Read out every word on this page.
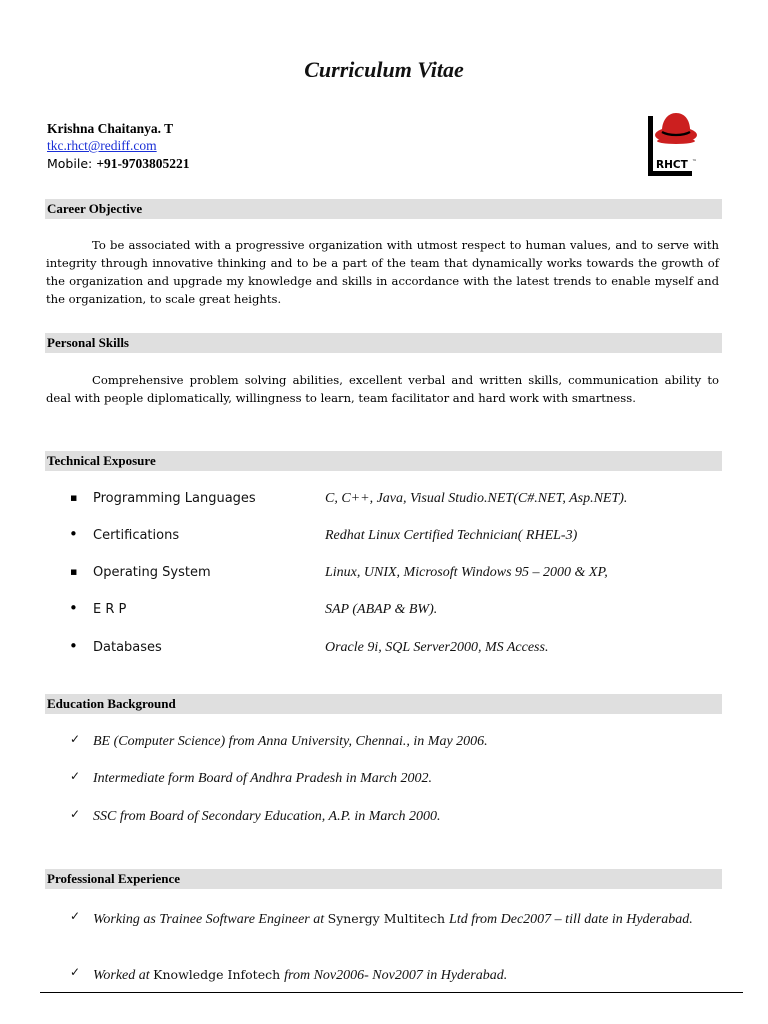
Curriculum Vitae
Krishna Chaitanya. T
tkc.rhct@rediff.com
Mobile: +91-9703805221	RHCT ™
Career Objective

To be associated with a progressive organization with utmost respect to human values, and to serve with integrity through innovative thinking and to be a part of the team that dynamically works towards the growth of the organization and upgrade my knowledge and skills in accordance with the latest trends to enable myself and the organization, to scale great heights.

Personal Skills

Comprehensive problem solving abilities, excellent verbal and written skills, communication ability to deal with people diplomatically, willingness to learn, team facilitator and hard work with smartness.

Technical Exposure
▪ Programming Languages	C, C++, Java, Visual Studio.NET(C#.NET, Asp.NET).
• Certifications	Redhat Linux Certified Technician( RHEL-3)
▪ Operating System	Linux, UNIX, Microsoft Windows 95 – 2000 & XP,
• E R P	SAP (ABAP & BW).
• Databases	Oracle 9i, SQL Server2000, MS Access.
Education Background
✓ BE (Computer Science) from Anna University, Chennai., in May 2006.
✓ Intermediate form Board of Andhra Pradesh in March 2002.
✓ SSC from Board of Secondary Education, A.P. in March 2000.
Professional Experience
✓ Working as Trainee Software Engineer at Synergy Multitech Ltd from Dec2007 – till date in Hyderabad.
✓ Worked at Knowledge Infotech from Nov2006- Nov2007 in Hyderabad.
